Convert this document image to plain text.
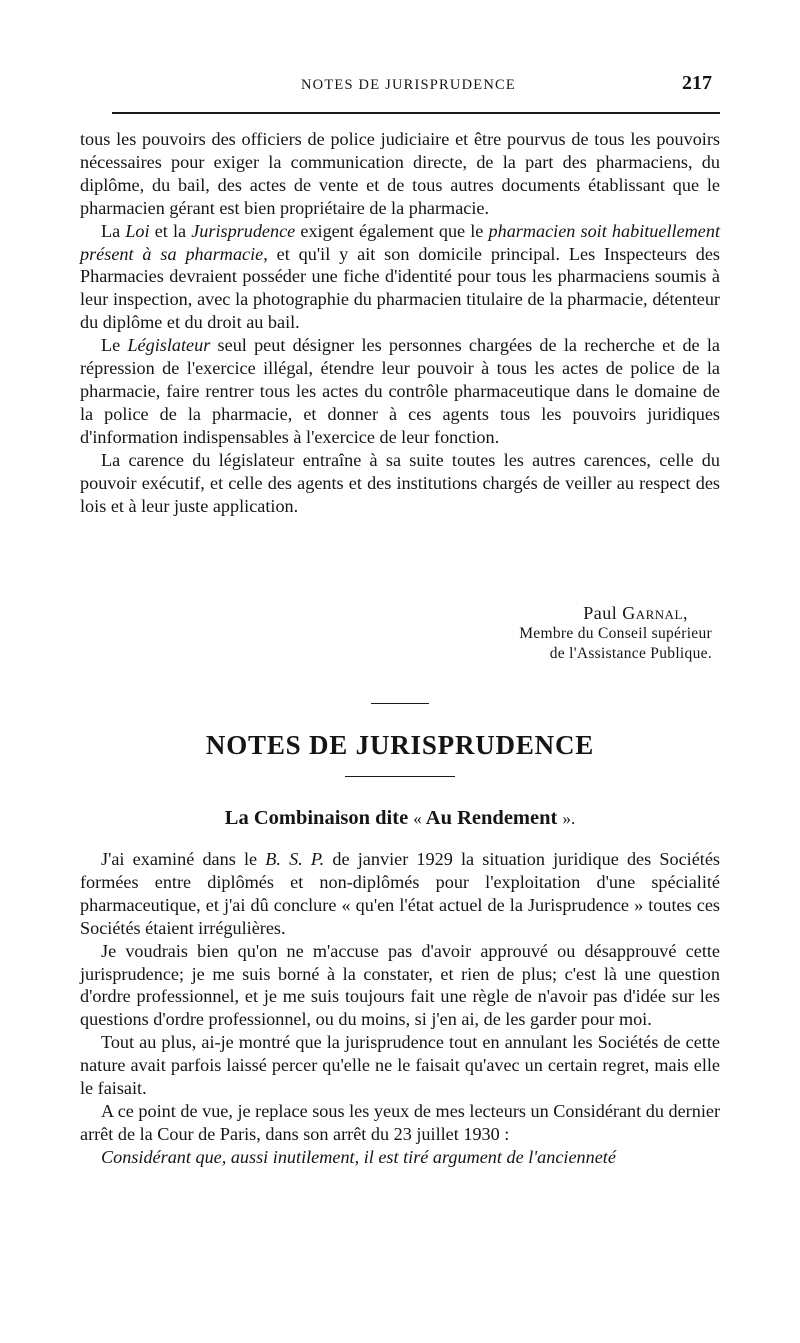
NOTES DE JURISPRUDENCE	217

tous les pouvoirs des officiers de police judiciaire et être pourvus de tous les pouvoirs nécessaires pour exiger la communication directe, de la part des pharmaciens, du diplôme, du bail, des actes de vente et de tous autres documents établissant que le pharmacien gérant est bien propriétaire de la pharmacie.

La Loi et la Jurisprudence exigent également que le pharmacien soit habituellement présent à sa pharmacie, et qu'il y ait son domicile principal. Les Inspecteurs des Pharmacies devraient posséder une fiche d'identité pour tous les pharmaciens soumis à leur inspection, avec la photographie du pharmacien titulaire de la pharmacie, détenteur du diplôme et du droit au bail.

Le Législateur seul peut désigner les personnes chargées de la recherche et de la répression de l'exercice illégal, étendre leur pouvoir à tous les actes de police de la pharmacie, faire rentrer tous les actes du contrôle pharmaceutique dans le domaine de la police de la pharmacie, et donner à ces agents tous les pouvoirs juridiques d'information indispensables à l'exercice de leur fonction.

La carence du législateur entraîne à sa suite toutes les autres carences, celle du pouvoir exécutif, et celle des agents et des institutions chargés de veiller au respect des lois et à leur juste application.

Paul Garnal,
Membre du Conseil supérieur
de l'Assistance Publique.
NOTES DE JURISPRUDENCE
La Combinaison dite « Au Rendement ».

J'ai examiné dans le B. S. P. de janvier 1929 la situation juridique des Sociétés formées entre diplômés et non-diplômés pour l'exploitation d'une spécialité pharmaceutique, et j'ai dû conclure « qu'en l'état actuel de la Jurisprudence » toutes ces Sociétés étaient irrégulières.

Je voudrais bien qu'on ne m'accuse pas d'avoir approuvé ou désapprouvé cette jurisprudence; je me suis borné à la constater, et rien de plus; c'est là une question d'ordre professionnel, et je me suis toujours fait une règle de n'avoir pas d'idée sur les questions d'ordre professionnel, ou du moins, si j'en ai, de les garder pour moi.

Tout au plus, ai-je montré que la jurisprudence tout en annulant les Sociétés de cette nature avait parfois laissé percer qu'elle ne le faisait qu'avec un certain regret, mais elle le faisait.

A ce point de vue, je replace sous les yeux de mes lecteurs un Considérant du dernier arrêt de la Cour de Paris, dans son arrêt du 23 juillet 1930 :

Considérant que, aussi inutilement, il est tiré argument de l'ancienneté
